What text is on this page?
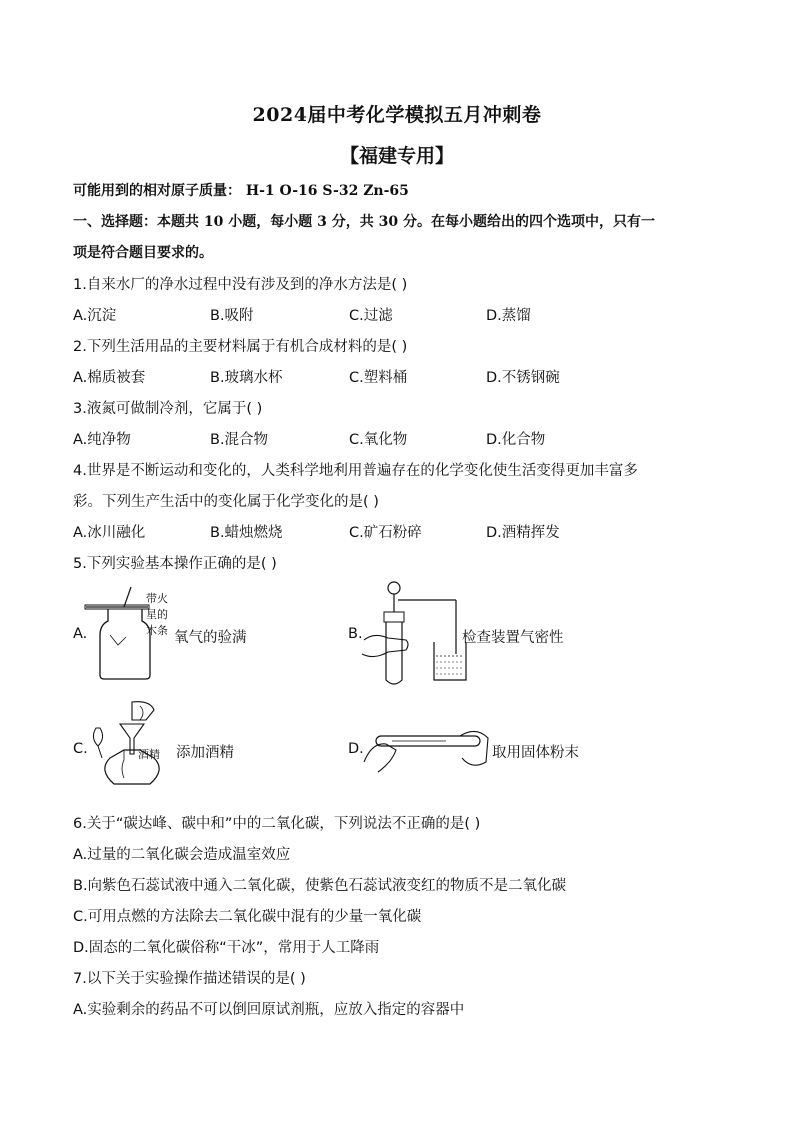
2024届中考化学模拟五月冲刺卷
【福建专用】
可能用到的相对原子质量： H-1 O-16 S-32 Zn-65
一、选择题：本题共 10 小题，每小题 3 分，共 30 分。在每小题给出的四个选项中，只有一
项是符合题目要求的。
1.自来水厂的净水过程中没有涉及到的净水方法是( )
A.沉淀	B.吸附	C.过滤	D.蒸馏
2.下列生活用品的主要材料属于有机合成材料的是( )
A.棉质被套	B.玻璃水杯	C.塑料桶	D.不锈钢碗
3.液氮可做制冷剂，它属于( )
A.纯净物	B.混合物	C.氧化物	D.化合物
4.世界是不断运动和变化的，人类科学地利用普遍存在的化学变化使生活变得更加丰富多
彩。下列生产生活中的变化属于化学变化的是( )
A.冰川融化	B.蜡烛燃烧	C.矿石粉碎	D.酒精挥发
5.下列实验基本操作正确的是( )
A.
带火
星的
木条 氧气的验满	B.	检查装置气密性
C.	酒精 添加酒精	D.	取用固体粉末
6.关于“碳达峰、碳中和”中的二氧化碳，下列说法不正确的是( )
A.过量的二氧化碳会造成温室效应
B.向紫色石蕊试液中通入二氧化碳，使紫色石蕊试液变红的物质不是二氧化碳
C.可用点燃的方法除去二氧化碳中混有的少量一氧化碳
D.固态的二氧化碳俗称“干冰”，常用于人工降雨
7.以下关于实验操作描述错误的是( )
A.实验剩余的药品不可以倒回原试剂瓶，应放入指定的容器中
